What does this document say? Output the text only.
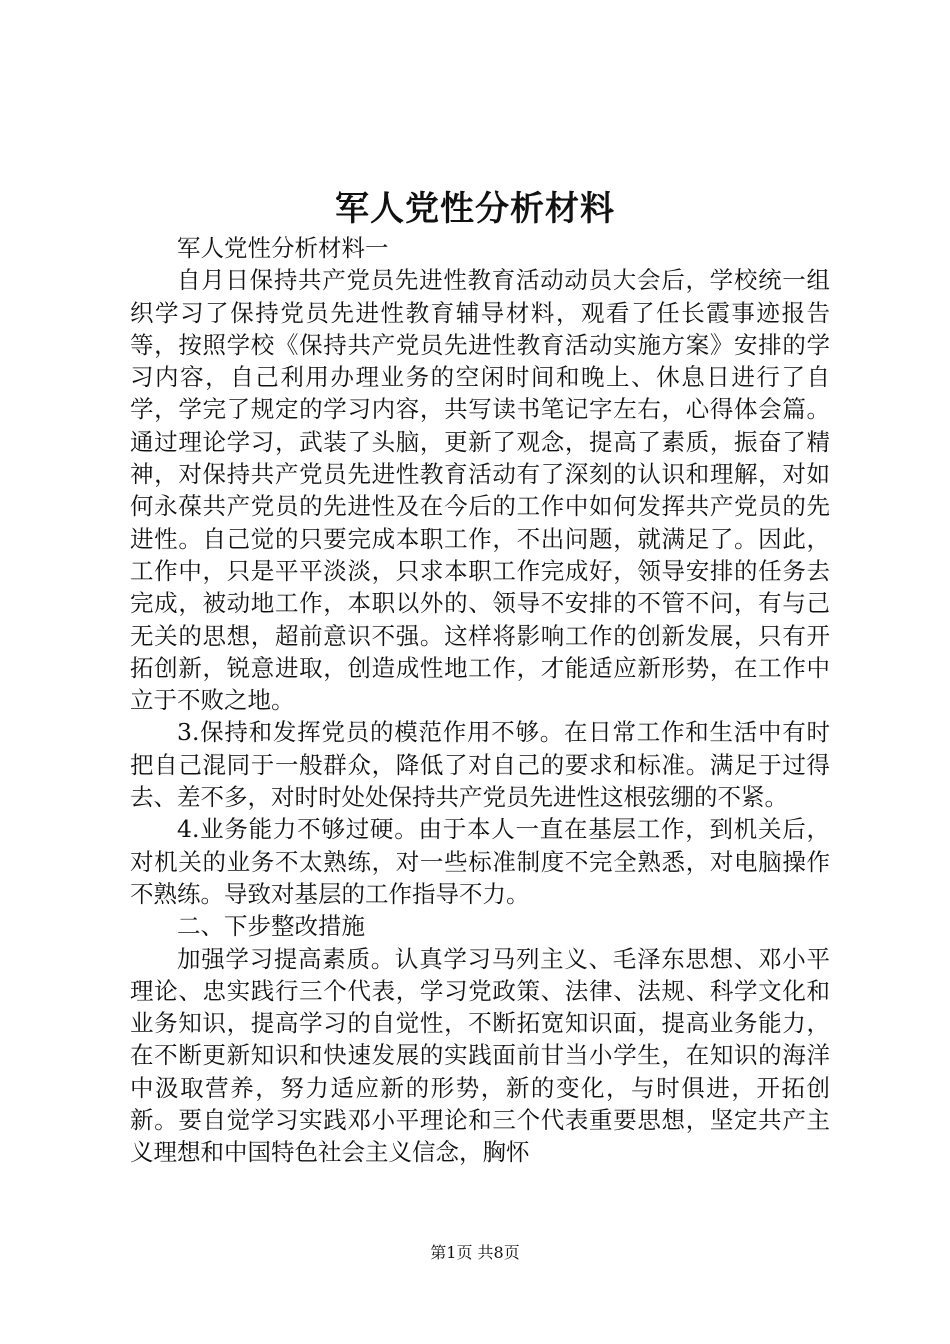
军人党性分析材料

军人党性分析材料一

自月日保持共产党员先进性教育活动动员大会后，学校统一组织学习了保持党员先进性教育辅导材料，观看了任长霞事迹报告等，按照学校《保持共产党员先进性教育活动实施方案》安排的学习内容，自己利用办理业务的空闲时间和晚上、休息日进行了自学，学完了规定的学习内容，共写读书笔记字左右，心得体会篇。通过理论学习，武装了头脑，更新了观念，提高了素质，振奋了精神，对保持共产党员先进性教育活动有了深刻的认识和理解，对如何永葆共产党员的先进性及在今后的工作中如何发挥共产党员的先进性。自己觉的只要完成本职工作，不出问题，就满足了。因此，工作中，只是平平淡淡，只求本职工作完成好，领导安排的任务去完成，被动地工作，本职以外的、领导不安排的不管不问，有与己无关的思想，超前意识不强。这样将影响工作的创新发展，只有开拓创新，锐意进取，创造成性地工作，才能适应新形势，在工作中立于不败之地。

3.保持和发挥党员的模范作用不够。在日常工作和生活中有时把自己混同于一般群众，降低了对自己的要求和标准。满足于过得去、差不多，对时时处处保持共产党员先进性这根弦绷的不紧。

4.业务能力不够过硬。由于本人一直在基层工作，到机关后，对机关的业务不太熟练，对一些标准制度不完全熟悉，对电脑操作不熟练。导致对基层的工作指导不力。

二、下步整改措施

加强学习提高素质。认真学习马列主义、毛泽东思想、邓小平理论、忠实践行三个代表，学习党政策、法律、法规、科学文化和业务知识，提高学习的自觉性，不断拓宽知识面，提高业务能力，在不断更新知识和快速发展的实践面前甘当小学生，在知识的海洋中汲取营养，努力适应新的形势，新的变化，与时俱进，开拓创新。要自觉学习实践邓小平理论和三个代表重要思想，坚定共产主义理想和中国特色社会主义信念，胸怀

第1页 共8页
